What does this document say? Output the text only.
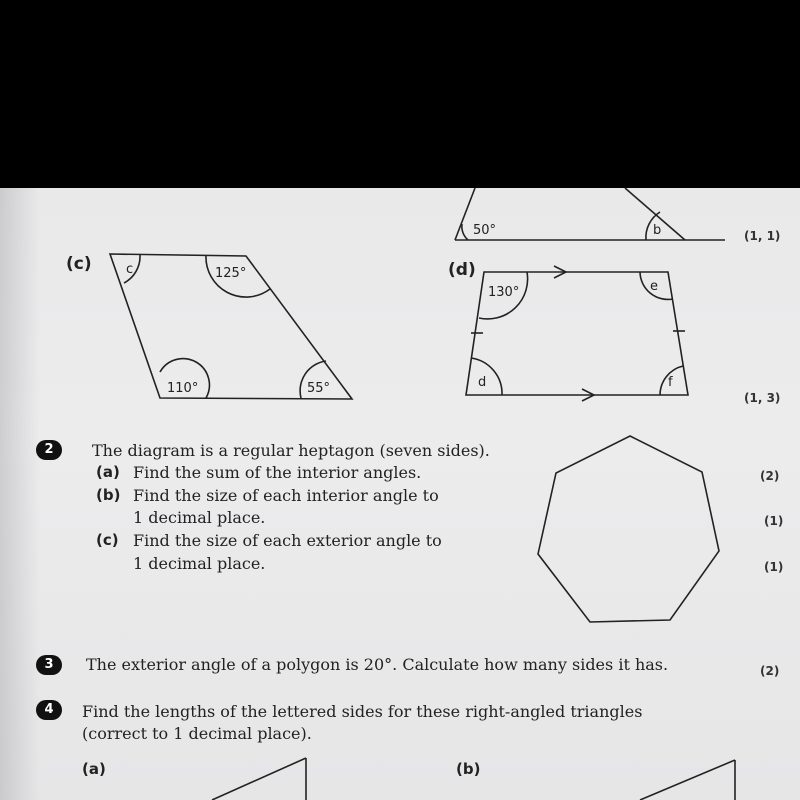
50°	b
c	125°
110°	55°
130°	e
d	f
(1, 1)
(c)	(d)
(1, 3)
2	The diagram is a regular heptagon (seven sides).
(a) Find the sum of the interior angles.
(b) Find the size of each interior angle to
1 decimal place.
(c) Find the size of each exterior angle to
1 decimal place.
(2)
(1)
(1)
3	The exterior angle of a polygon is 20°. Calculate how many sides it has.	(2)
4	Find the lengths of the lettered sides for these right-angled triangles
(correct to 1 decimal place).
(a)	(b)
